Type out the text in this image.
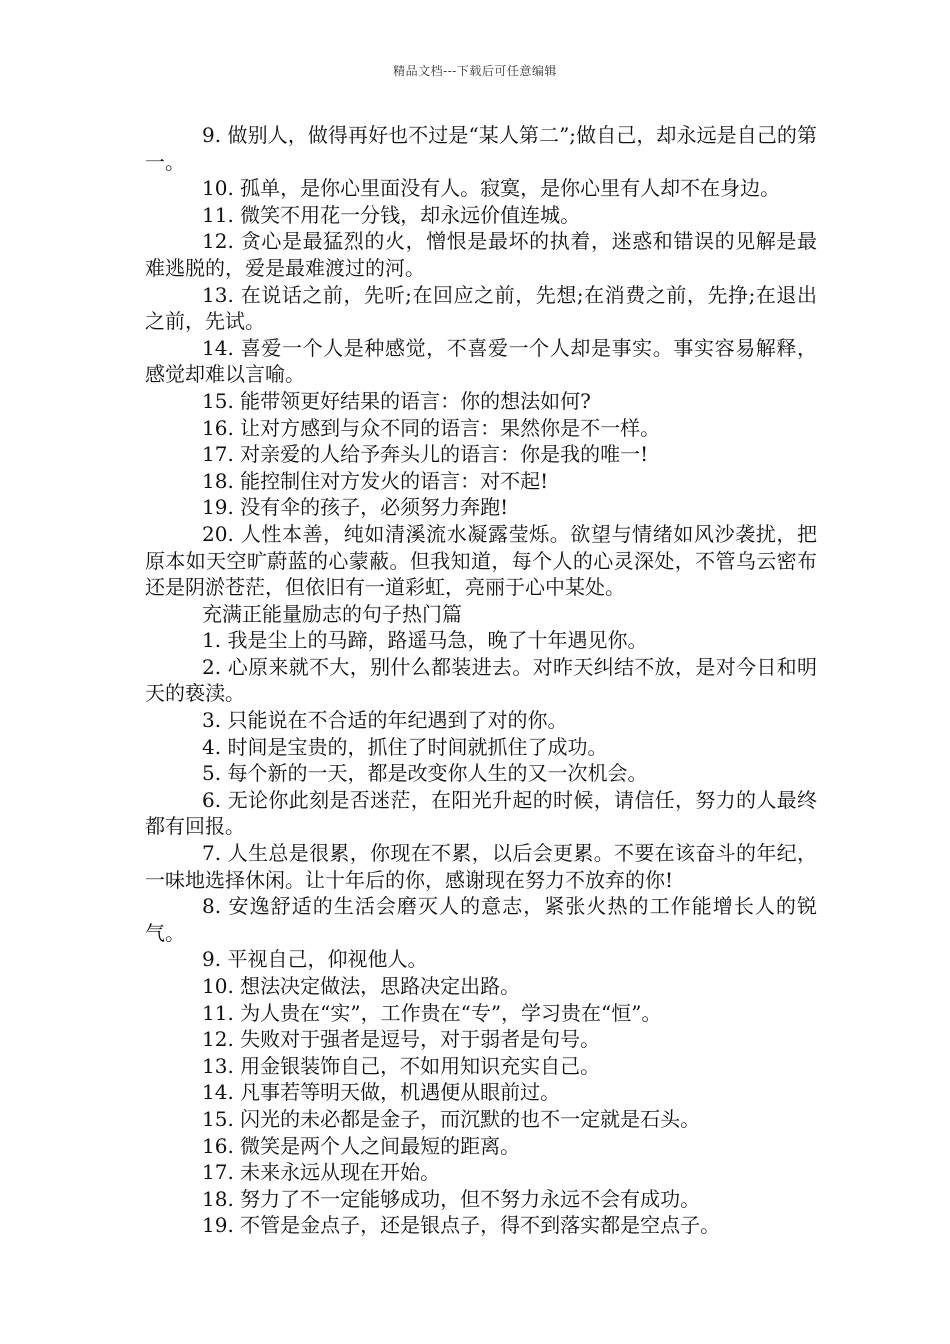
精品文档---下载后可任意编辑

9. 做别人，做得再好也不过是“某人第二”;做自己，却永远是自己的第一。

10. 孤单，是你心里面没有人。寂寞，是你心里有人却不在身边。

11. 微笑不用花一分钱，却永远价值连城。

12. 贪心是最猛烈的火，憎恨是最坏的执着，迷惑和错误的见解是最难逃脱的，爱是最难渡过的河。

13. 在说话之前，先听;在回应之前，先想;在消费之前，先挣;在退出之前，先试。

14. 喜爱一个人是种感觉，不喜爱一个人却是事实。事实容易解释，感觉却难以言喻。

15. 能带领更好结果的语言：你的想法如何?

16. 让对方感到与众不同的语言：果然你是不一样。

17. 对亲爱的人给予奔头儿的语言：你是我的唯一!

18. 能控制住对方发火的语言：对不起!

19. 没有伞的孩子，必须努力奔跑!

20. 人性本善，纯如清溪流水凝露莹烁。欲望与情绪如风沙袭扰，把原本如天空旷蔚蓝的心蒙蔽。但我知道，每个人的心灵深处，不管乌云密布还是阴淤苍茫，但依旧有一道彩虹，亮丽于心中某处。

充满正能量励志的句子热门篇

1. 我是尘上的马蹄，路遥马急，晚了十年遇见你。

2. 心原来就不大，别什么都装进去。对昨天纠结不放，是对今日和明天的亵渎。

3. 只能说在不合适的年纪遇到了对的你。

4. 时间是宝贵的，抓住了时间就抓住了成功。

5. 每个新的一天，都是改变你人生的又一次机会。

6. 无论你此刻是否迷茫，在阳光升起的时候，请信任，努力的人最终都有回报。

7. 人生总是很累，你现在不累，以后会更累。不要在该奋斗的年纪，一味地选择休闲。让十年后的你，感谢现在努力不放弃的你!

8. 安逸舒适的生活会磨灭人的意志，紧张火热的工作能增长人的锐气。

9. 平视自己，仰视他人。

10. 想法决定做法，思路决定出路。

11. 为人贵在“实”，工作贵在“专”，学习贵在“恒”。

12. 失败对于强者是逗号，对于弱者是句号。

13. 用金银装饰自己，不如用知识充实自己。

14. 凡事若等明天做，机遇便从眼前过。

15. 闪光的未必都是金子，而沉默的也不一定就是石头。

16. 微笑是两个人之间最短的距离。

17. 未来永远从现在开始。

18. 努力了不一定能够成功，但不努力永远不会有成功。

19. 不管是金点子，还是银点子，得不到落实都是空点子。
